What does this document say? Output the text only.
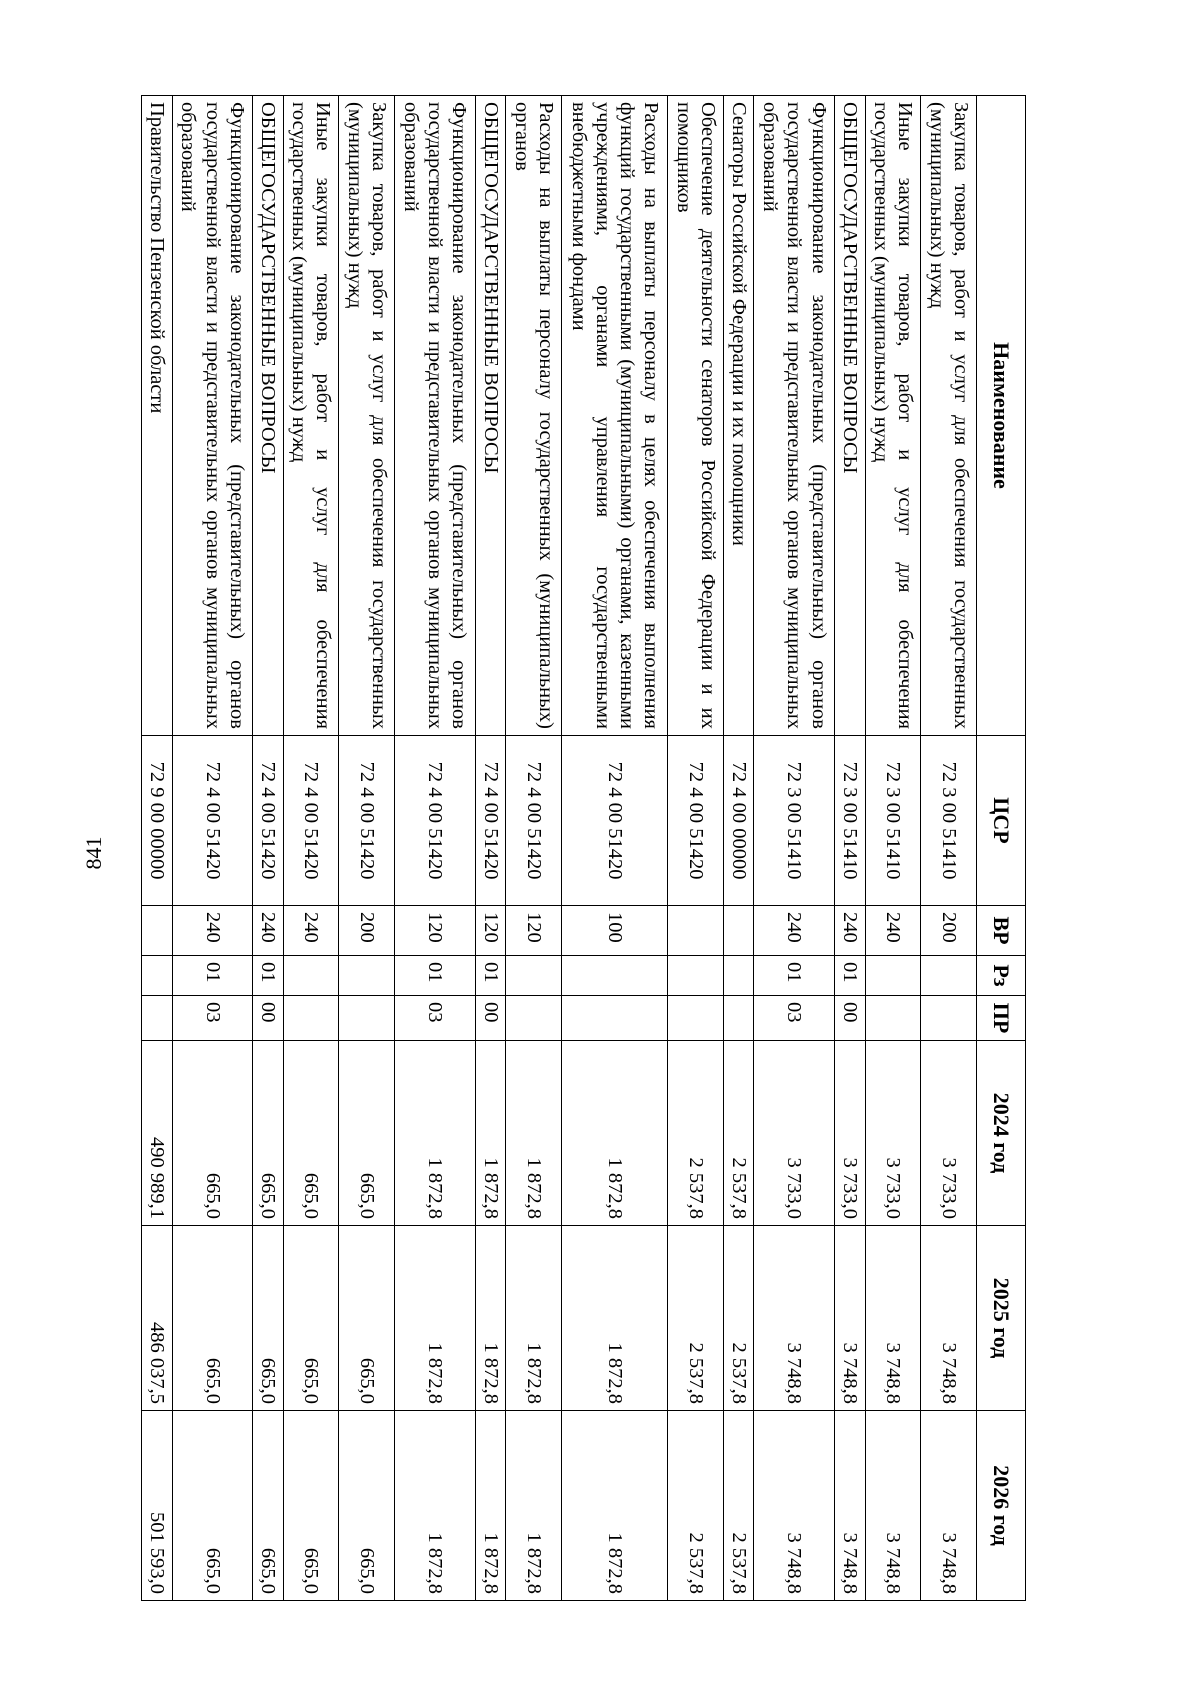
841
Наименование	ЦСР	ВР	Рз	ПР	2024 год	2025 год	2026 год
Закупка товаров, работ и услуг для обеспечения государственных (муниципальных) нужд	72 3 00 51410	200			3 733,0	3 748,8	3 748,8
Иные закупки товаров, работ и услуг для обеспечения государственных (муниципальных) нужд	72 3 00 51410	240			3 733,0	3 748,8	3 748,8
ОБЩЕГОСУДАРСТВЕННЫЕ ВОПРОСЫ	72 3 00 51410	240	01	00	3 733,0	3 748,8	3 748,8
Функционирование законодательных (представительных) органов государственной власти и представительных органов муниципальных образований	72 3 00 51410	240	01	03	3 733,0	3 748,8	3 748,8
Сенаторы Российской Федерации и их помощники	72 4 00 00000				2 537,8	2 537,8	2 537,8
Обеспечение деятельности сенаторов Российской Федерации и их помощников	72 4 00 51420				2 537,8	2 537,8	2 537,8
Расходы на выплаты персоналу в целях обеспечения выполнения функций государственными (муниципальными) органами, казенными учреждениями, органами управления государственными внебюджетными фондами	72 4 00 51420	100			1 872,8	1 872,8	1 872,8
Расходы на выплаты персоналу государственных (муниципальных) органов	72 4 00 51420	120			1 872,8	1 872,8	1 872,8
ОБЩЕГОСУДАРСТВЕННЫЕ ВОПРОСЫ	72 4 00 51420	120	01	00	1 872,8	1 872,8	1 872,8
Функционирование законодательных (представительных) органов государственной власти и представительных органов муниципальных образований	72 4 00 51420	120	01	03	1 872,8	1 872,8	1 872,8
Закупка товаров, работ и услуг для обеспечения государственных (муниципальных) нужд	72 4 00 51420	200			665,0	665,0	665,0
Иные закупки товаров, работ и услуг для обеспечения государственных (муниципальных) нужд	72 4 00 51420	240			665,0	665,0	665,0
ОБЩЕГОСУДАРСТВЕННЫЕ ВОПРОСЫ	72 4 00 51420	240	01	00	665,0	665,0	665,0
Функционирование законодательных (представительных) органов государственной власти и представительных органов муниципальных образований	72 4 00 51420	240	01	03	665,0	665,0	665,0
Правительство Пензенской области	72 9 00 00000				490 989,1	486 037,5	501 593,0
